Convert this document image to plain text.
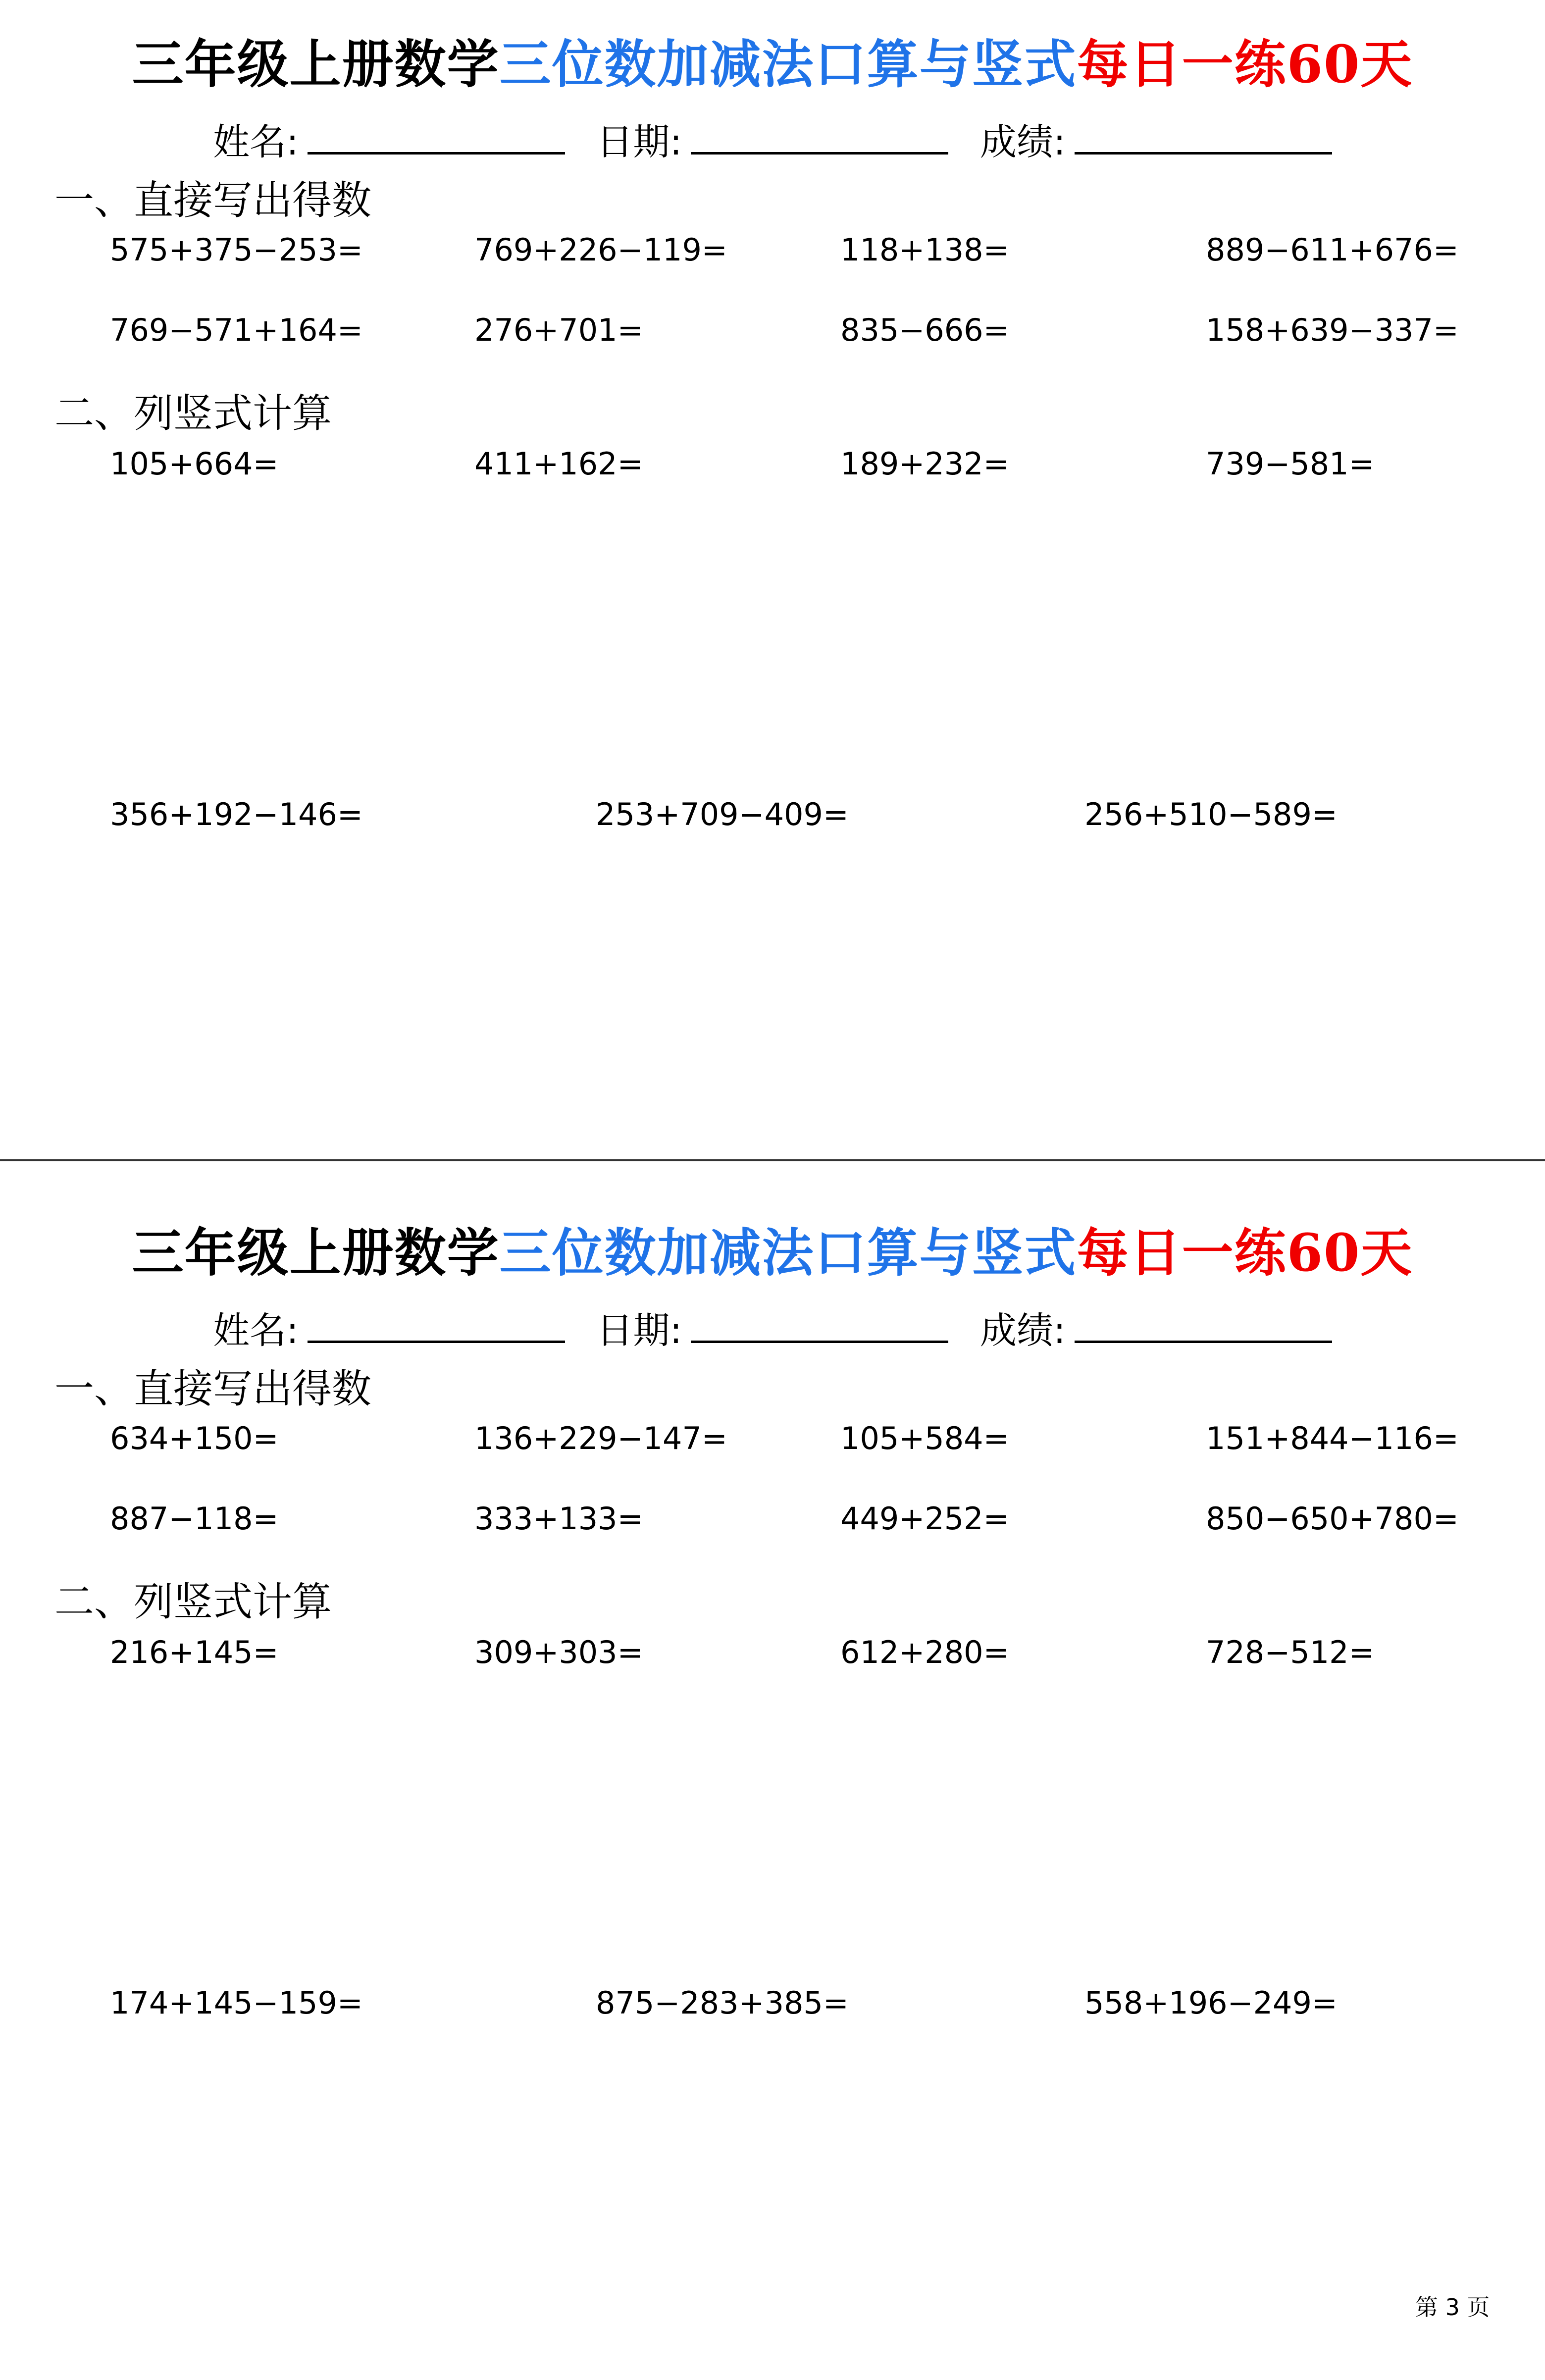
三年级上册数学三位数加减法口算与竖式每日一练60天
姓名:	日期:	成绩:
一、直接写出得数
575+375−253=	769+226−119=	118+138=	889−611+676=
769−571+164=	276+701=	835−666=	158+639−337=
二、列竖式计算
105+664=	411+162=	189+232=	739−581=
356+192−146=	253+709−409=	256+510−589=
三年级上册数学三位数加减法口算与竖式每日一练60天
姓名:	日期:	成绩:
一、直接写出得数
634+150=	136+229−147=	105+584=	151+844−116=
887−118=	333+133=	449+252=	850−650+780=
二、列竖式计算
216+145=	309+303=	612+280=	728−512=
174+145−159=	875−283+385=	558+196−249=
第 3 页
